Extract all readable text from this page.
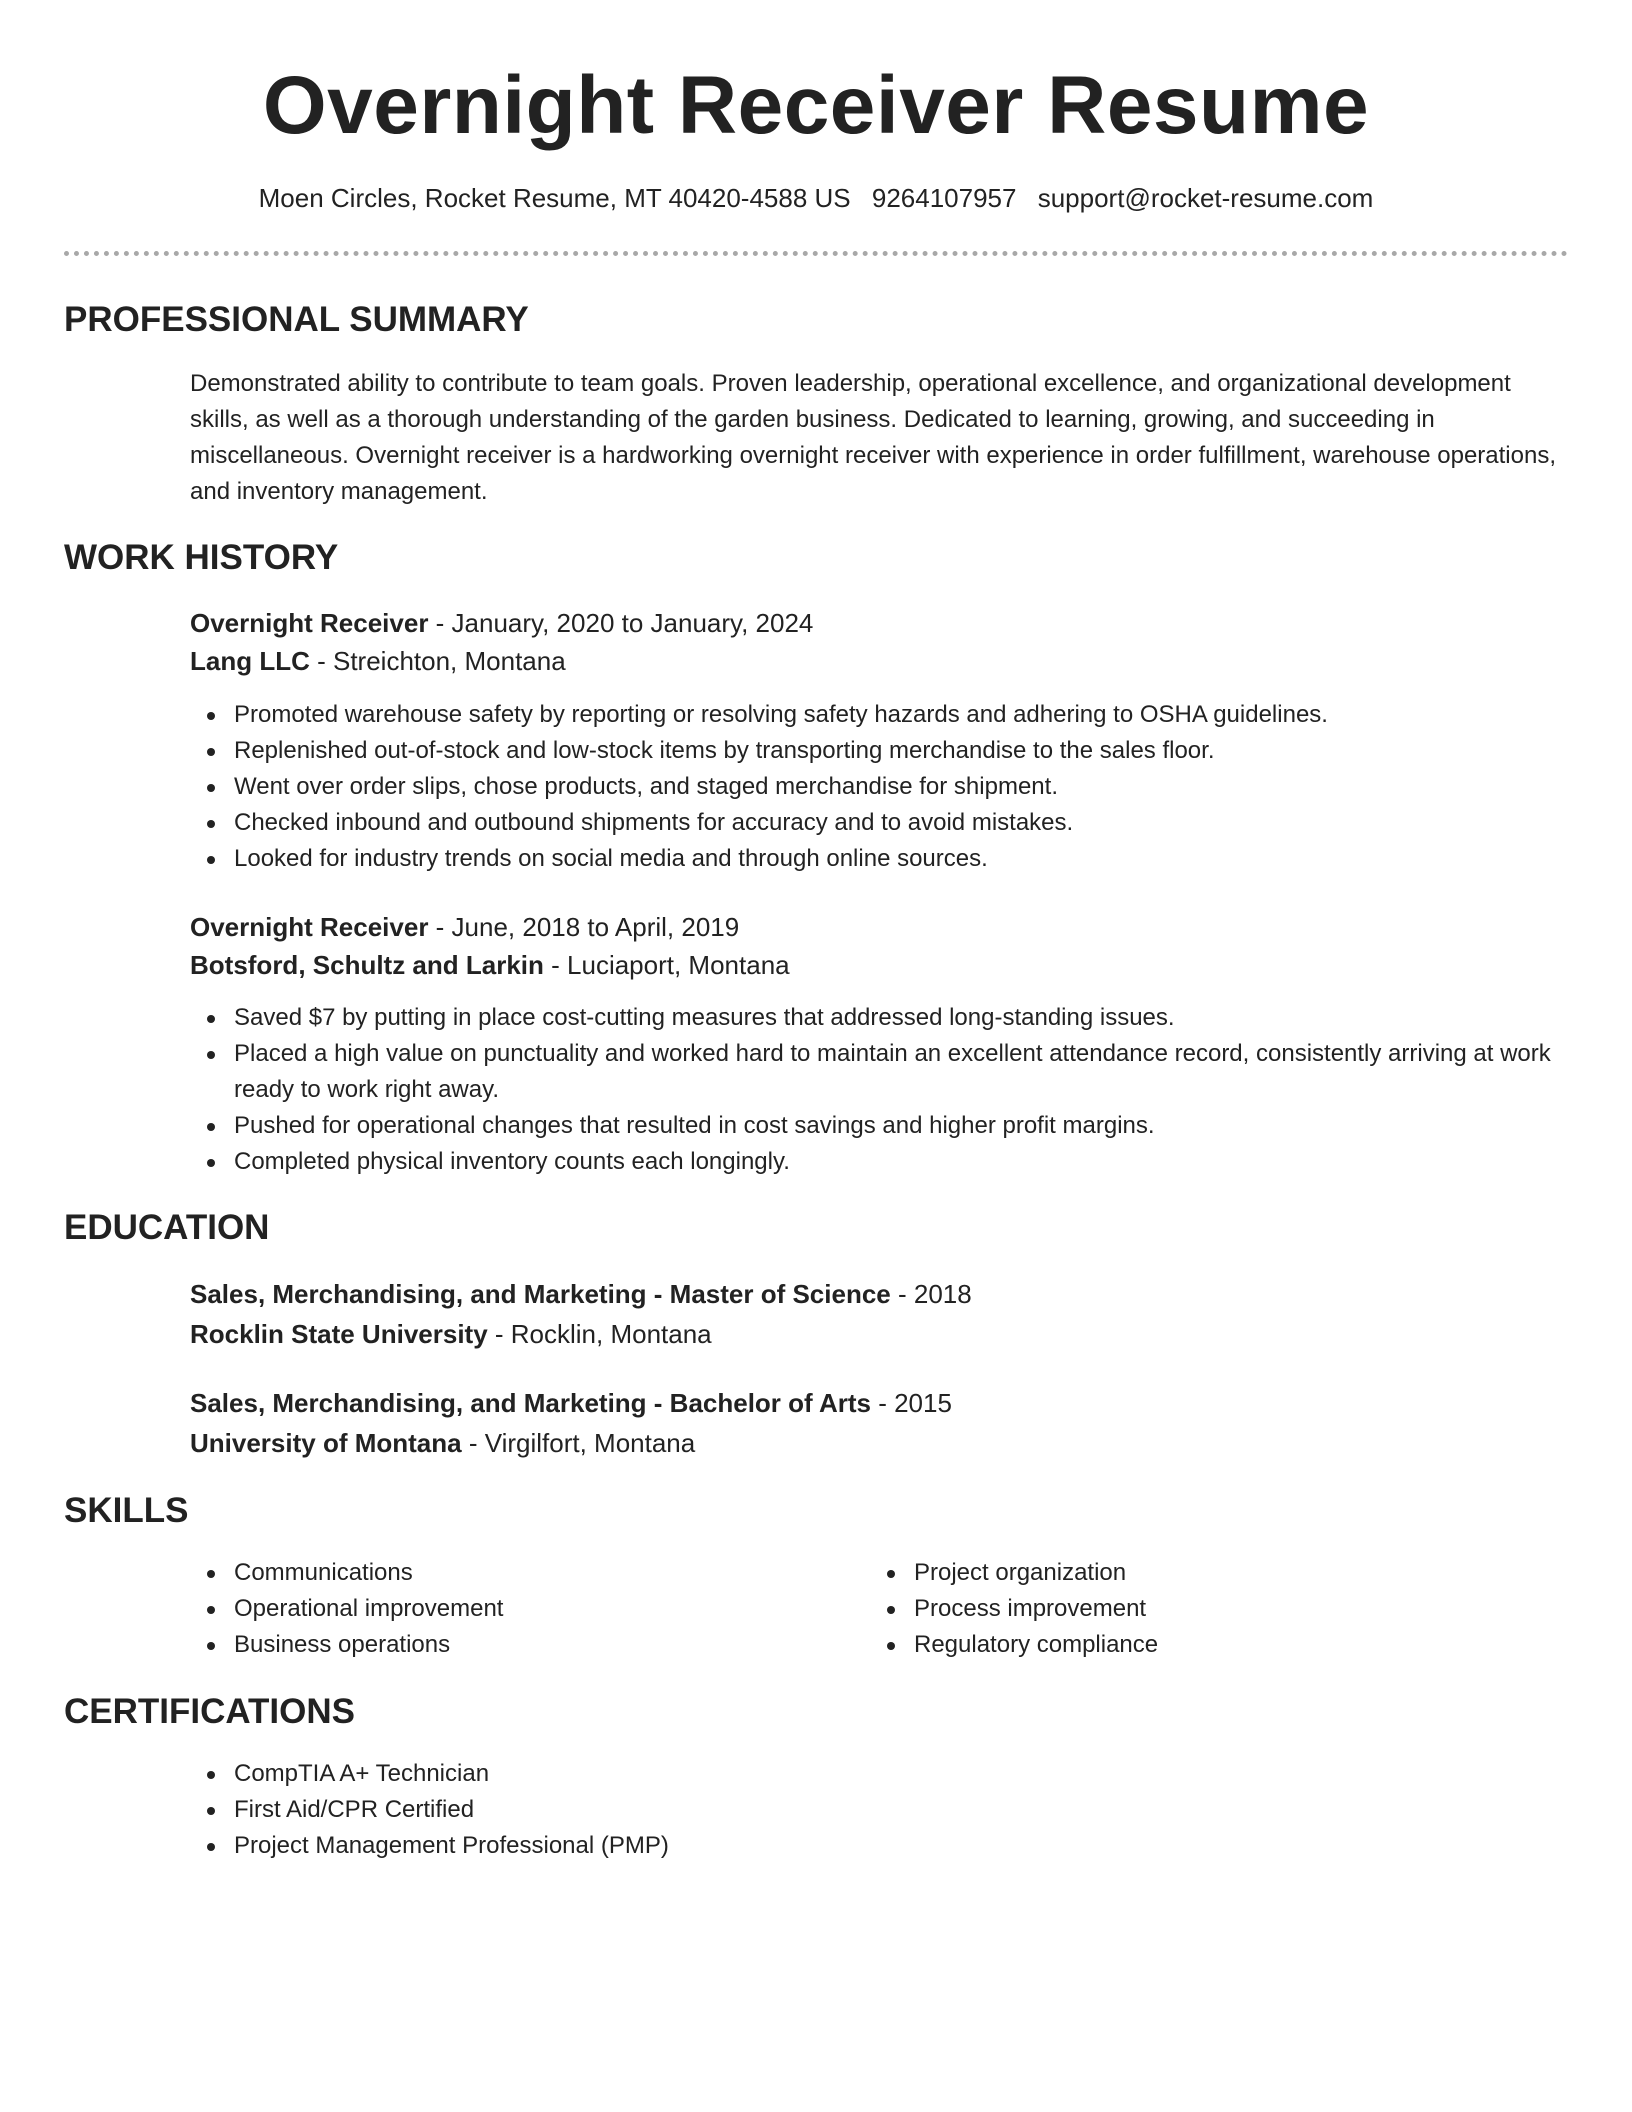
Overnight Receiver Resume
Moen Circles, Rocket Resume, MT 40420-4588 US 9264107957 support@rocket-resume.com
PROFESSIONAL SUMMARY
Demonstrated ability to contribute to team goals. Proven leadership, operational excellence, and organizational development skills, as well as a thorough understanding of the garden business. Dedicated to learning, growing, and succeeding in miscellaneous. Overnight receiver is a hardworking overnight receiver with experience in order fulfillment, warehouse operations, and inventory management.
WORK HISTORY
Overnight Receiver - January, 2020 to January, 2024
Lang LLC - Streichton, Montana
Promoted warehouse safety by reporting or resolving safety hazards and adhering to OSHA guidelines.
Replenished out-of-stock and low-stock items by transporting merchandise to the sales floor.
Went over order slips, chose products, and staged merchandise for shipment.
Checked inbound and outbound shipments for accuracy and to avoid mistakes.
Looked for industry trends on social media and through online sources.
Overnight Receiver - June, 2018 to April, 2019
Botsford, Schultz and Larkin - Luciaport, Montana
Saved $7 by putting in place cost-cutting measures that addressed long-standing issues.
Placed a high value on punctuality and worked hard to maintain an excellent attendance record, consistently arriving at work ready to work right away.
Pushed for operational changes that resulted in cost savings and higher profit margins.
Completed physical inventory counts each longingly.
EDUCATION
Sales, Merchandising, and Marketing - Master of Science - 2018
Rocklin State University - Rocklin, Montana
Sales, Merchandising, and Marketing - Bachelor of Arts - 2015
University of Montana - Virgilfort, Montana
SKILLS
Communications
Operational improvement
Business operations
Project organization
Process improvement
Regulatory compliance
CERTIFICATIONS
CompTIA A+ Technician
First Aid/CPR Certified
Project Management Professional (PMP)
